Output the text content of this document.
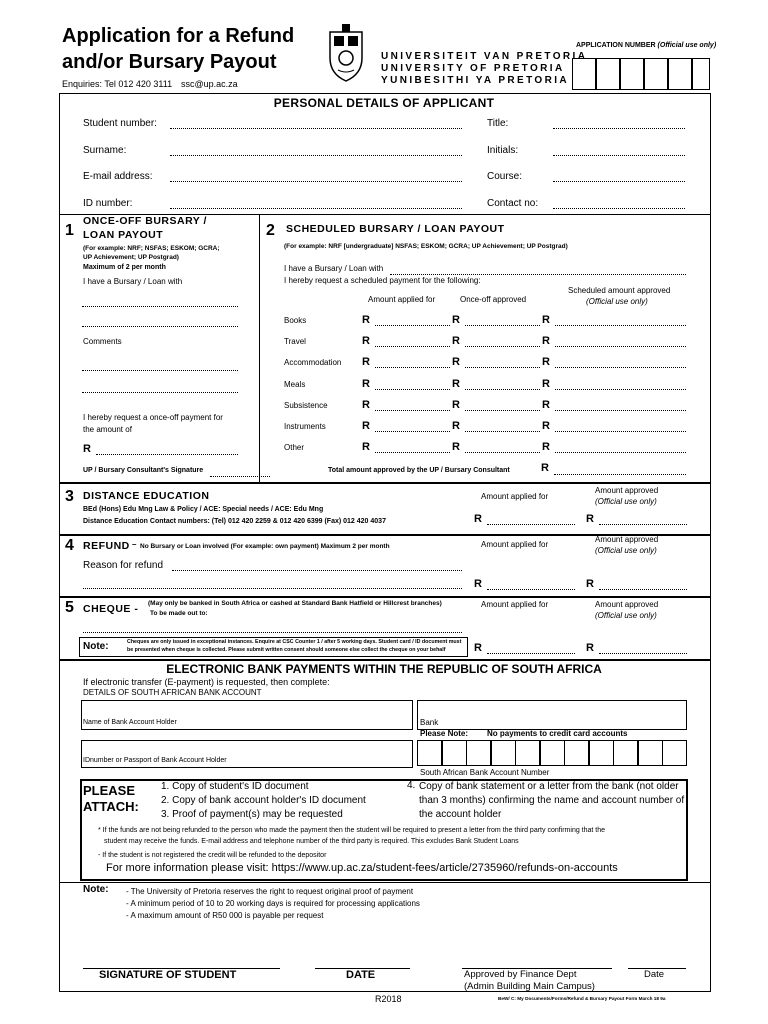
Application for a Refund
and/or Bursary Payout
Enquiries: Tel 012 420 3111 ssc@up.ac.za
UNIVERSITEIT VAN PRETORIA
UNIVERSITY OF PRETORIA
YUNIBESITHI YA PRETORIA
APPLICATION NUMBER (Official use only)
PERSONAL DETAILS OF APPLICANT
Student number:	Title:
Surname:	Initials:
E-mail address:	Course:
ID number:	Contact no:
1
ONCE-OFF BURSARY /
LOAN PAYOUT
(For example: NRF; NSFAS; ESKOM; GCRA;
UP Achievement; UP Postgrad)
Maximum of 2 per month
I have a Bursary / Loan with
Comments
I hereby request a once-off payment for
the amount of
R
UP / Bursary Consultant's Signature
2 SCHEDULED BURSARY / LOAN PAYOUT
(For example: NRF [undergraduate] NSFAS; ESKOM; GCRA; UP Achievement; UP Postgrad)
I have a Bursary / Loan with
I hereby request a scheduled payment for the following:
Scheduled amount approved
(Official use only)
Amount applied for	Once-off approved
Books	R	R	R
Travel	R	R	R
Accommodation R	R	R
Meals	R	R	R
Subsistence	R	R	R
Instruments	R	R	R
Other	R	R	R
Total amount approved by the UP / Bursary Consultant	R
3 DISTANCE EDUCATION	Amount applied for
Amount approved
(Official use only)
BEd (Hons) Edu Mng Law & Policy / ACE: Special needs / ACE: Edu Mng
Distance Education Contact numbers: (Tel) 012 420 2259 & 012 420 6399 (Fax) 012 420 4037	R	R
4 REFUND – No Bursary or Loan involved (For example: own payment) Maximum 2 per month	Amount applied for
Amount approved
(Official use only)
Reason for refund
R	R
5 CHEQUE - (May only be banked in South Africa or cashed at Standard Bank Hatfield or Hillcrest branches)
To be made out to:
Amount applied for	Amount approved
(Official use only)
Note:	Cheques are only issued in exceptional instances. Enquire at CSC Counter 1 / after 5 working days. Student card / ID document must
be presented when cheque is collected. Please submit written consent should someone else collect the cheque on your behalf	R	R
ELECTRONIC BANK PAYMENTS WITHIN THE REPUBLIC OF SOUTH AFRICA
If electronic transfer (E-payment) is requested, then complete:
DETAILS OF SOUTH AFRICAN BANK ACCOUNT
Name of Bank Account Holder	Bank
Please Note: No payments to credit card accounts
IDnumber or Passport of Bank Account Holder
South African Bank Account Number
PLEASE
ATTACH:
1. Copy of student's ID document
2. Copy of bank account holder's ID document
3. Proof of payment(s) may be requested
4. Copy of bank statement or a letter from the bank (not older
than 3 months) confirming the name and account number of
the account holder
* If the funds are not being refunded to the person who made the payment then the student will be required to present a letter from the third party confirming that the
student may receive the funds. E-mail address and telephone number of the third party is required. This excludes Bank Student Loans
- If the student is not registered the credit will be refunded to the depositor
For more information please visit: https://www.up.ac.za/student-fees/article/2735960/refunds-on-accounts
Note: - The University of Pretoria reserves the right to request original proof of payment
- A minimum period of 10 to 20 working days is required for processing applications
- A maximum amount of R50 000 is payable per request
SIGNATURE OF STUDENT	DATE	Approved by Finance Dept
(Admin Building Main Campus)
Date
R2018	BeW/ C: My Documents/Forms/Refund & Bursary Payout Form March 18 9a
